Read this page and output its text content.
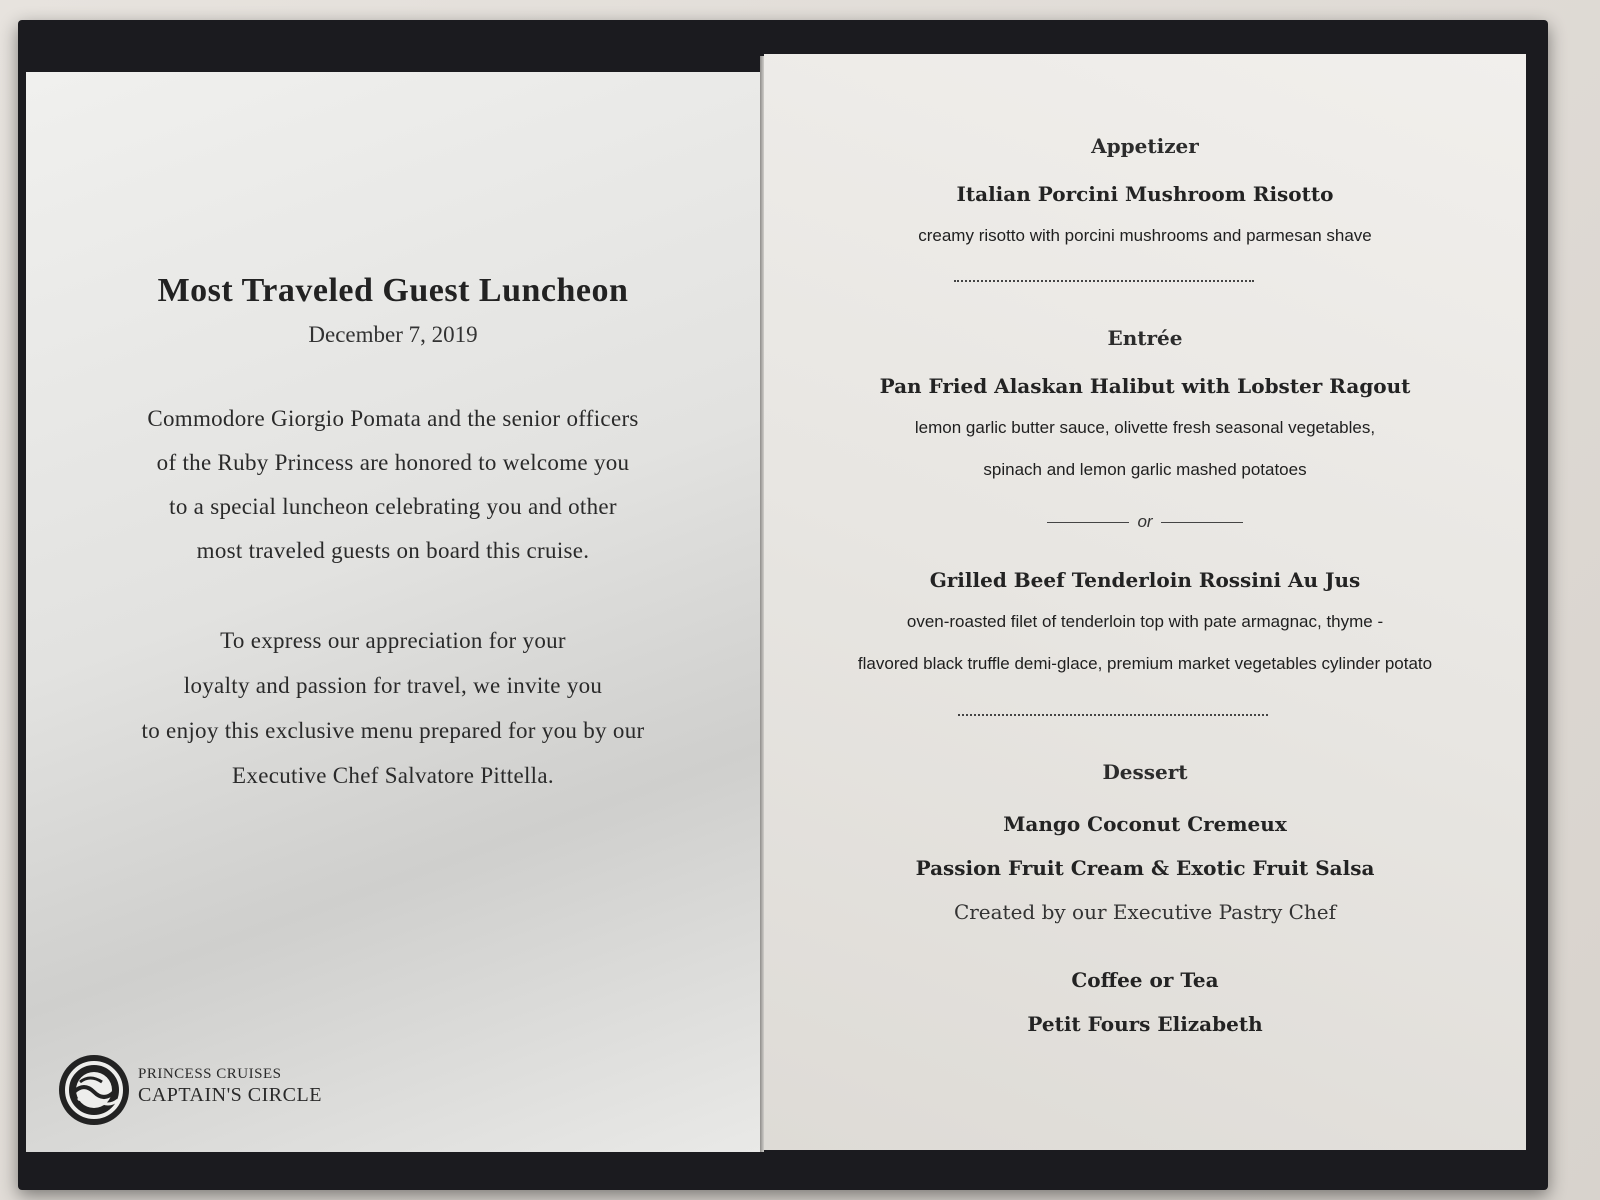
Most Traveled Guest Luncheon
December 7, 2019
Commodore Giorgio Pomata and the senior officers
of the Ruby Princess are honored to welcome you
to a special luncheon celebrating you and other
most traveled guests on board this cruise.
To express our appreciation for your
loyalty and passion for travel, we invite you
to enjoy this exclusive menu prepared for you by our
Executive Chef Salvatore Pittella.
PRINCESS CRUISES
CAPTAIN'S CIRCLE
Appetizer
Italian Porcini Mushroom Risotto
creamy risotto with porcini mushrooms and parmesan shave
Entrée
Pan Fried Alaskan Halibut with Lobster Ragout
lemon garlic butter sauce, olivette fresh seasonal vegetables,
spinach and lemon garlic mashed potatoes
or
Grilled Beef Tenderloin Rossini Au Jus
oven-roasted filet of tenderloin top with pate armagnac, thyme -
flavored black truffle demi-glace, premium market vegetables cylinder potato
Dessert
Mango Coconut Cremeux
Passion Fruit Cream & Exotic Fruit Salsa
Created by our Executive Pastry Chef
Coffee or Tea
Petit Fours Elizabeth
